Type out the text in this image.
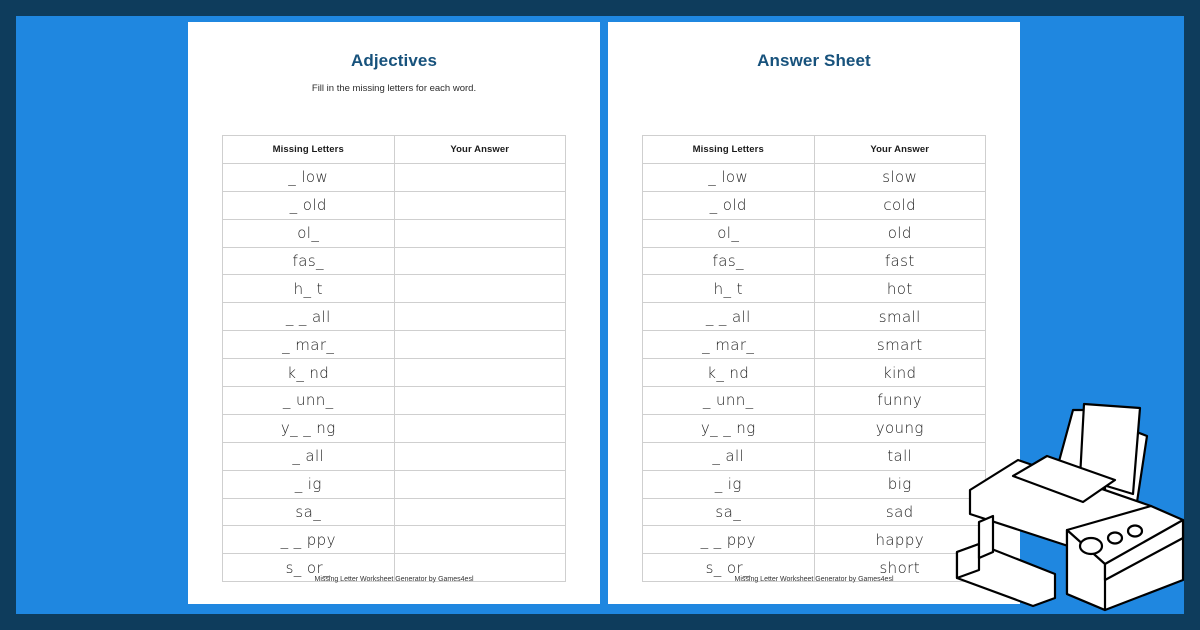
Adjectives
Fill in the missing letters for each word.
Missing Letters	Your Answer
_ low	
_ old	
ol_	
fas_	
h_ t	
_ _ all	
_ mar_	
k_ nd	
_ unn_	
y_ _ ng	
_ all	
_ ig	
sa_	
_ _ ppy	
s_ or_	
Missing Letter Worksheet Generator by Games4esl
Answer Sheet
Missing Letters	Your Answer
_ low	slow
_ old	cold
ol_	old
fas_	fast
h_ t	hot
_ _ all	small
_ mar_	smart
k_ nd	kind
_ unn_	funny
y_ _ ng	young
_ all	tall
_ ig	big
sa_	sad
_ _ ppy	happy
s_ or_	short
Missing Letter Worksheet Generator by Games4esl
